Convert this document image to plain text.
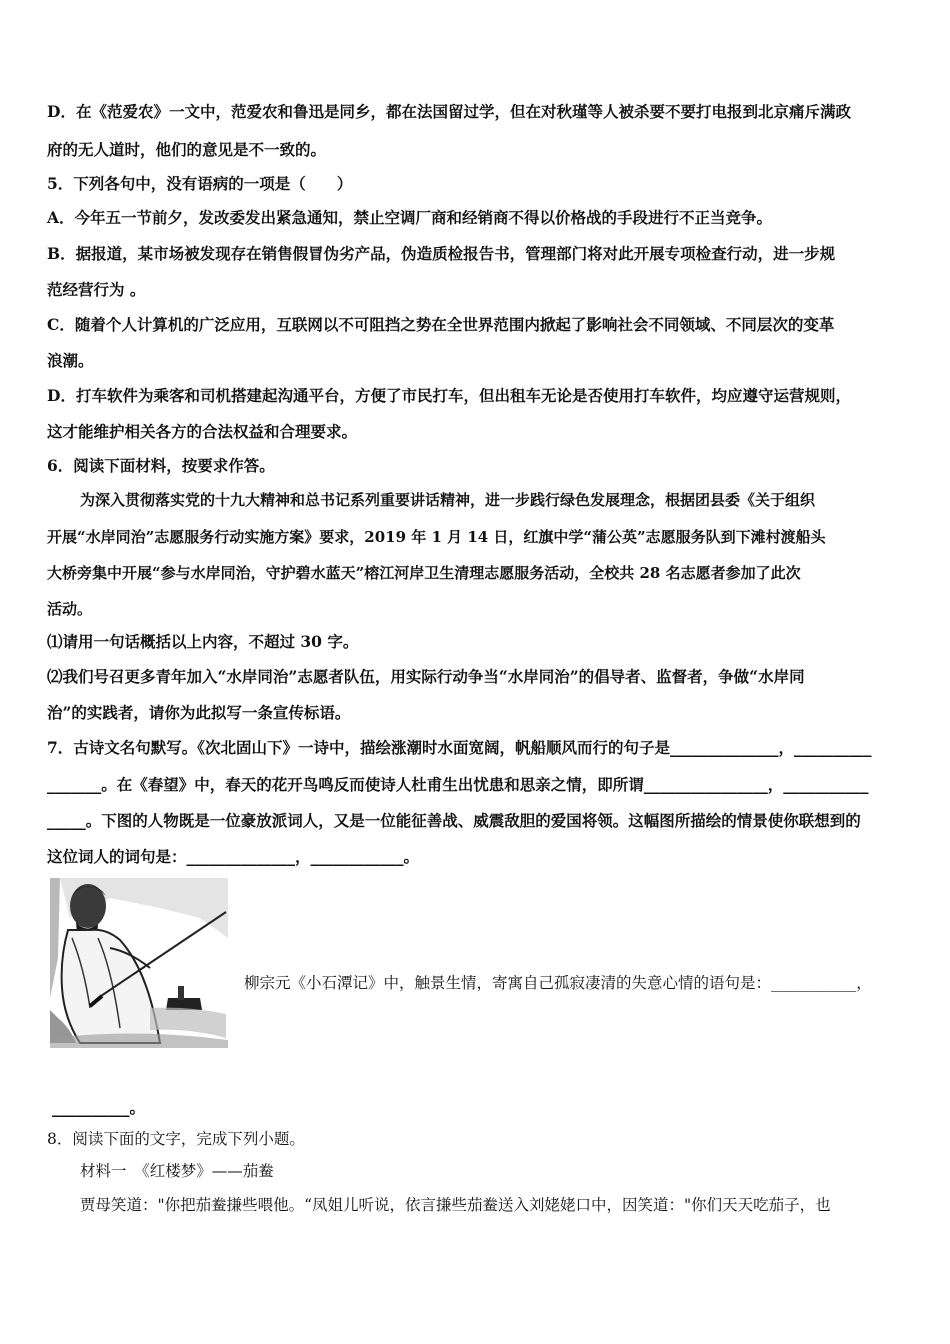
D．在《范爱农》一文中，范爱农和鲁迅是同乡，都在法国留过学，但在对秋瑾等人被杀要不要打电报到北京痛斥满政
府的无人道时，他们的意见是不一致的。
5．下列各句中，没有语病的一项是（　　）
A．今年五一节前夕，发改委发出紧急通知，禁止空调厂商和经销商不得以价格战的手段进行不正当竞争。
B．据报道，某市场被发现存在销售假冒伪劣产品，伪造质检报告书，管理部门将对此开展专项检查行动，进一步规
范经营行为 。
C．随着个人计算机的广泛应用，互联网以不可阻挡之势在全世界范围内掀起了影响社会不同领域、不同层次的变革
浪潮。
D．打车软件为乘客和司机搭建起沟通平台，方便了市民打车，但出租车无论是否使用打车软件，均应遵守运营规则，
这才能维护相关各方的合法权益和合理要求。
6．阅读下面材料，按要求作答。
为深入贯彻落实党的十九大精神和总书记系列重要讲话精神，进一步践行绿色发展理念，根据团县委《关于组织
开展“水岸同治”志愿服务行动实施方案》要求，2019 年 1 月 14 日，红旗中学“蒲公英”志愿服务队到下滩村渡船头
大桥旁集中开展“参与水岸同治，守护碧水蓝天”榕江河岸卫生清理志愿服务活动，全校共 28 名志愿者参加了此次
活动。
⑴请用一句话概括以上内容，不超过 30 字。
⑵我们号召更多青年加入“水岸同治”志愿者队伍，用实际行动争当“水岸同治”的倡导者、监督者，争做“水岸同
治”的实践者，请你为此拟写一条宣传标语。
7．古诗文名句默写。《次北固山下》一诗中，描绘涨潮时水面宽阔，帆船顺风而行的句子是______________，__________
_______。在《春望》中，春天的花开鸟鸣反而使诗人杜甫生出忧患和思亲之情，即所谓________________，___________
_____。下图的人物既是一位豪放派词人，又是一位能征善战、威震敌胆的爱国将领。这幅图所描绘的情景使你联想到的
这位词人的词句是：______________，____________。
柳宗元《小石潭记》中，触景生情，寄寓自己孤寂凄清的失意心情的语句是：___________，
__________。
8．阅读下面的文字，完成下列小题。
材料一　《红楼梦》——茄鲞
贾母笑道："你把茄鲞搛些喂他。“凤姐儿听说，依言搛些茄鲞送入刘姥姥口中，因笑道："你们天天吃茄子，也
